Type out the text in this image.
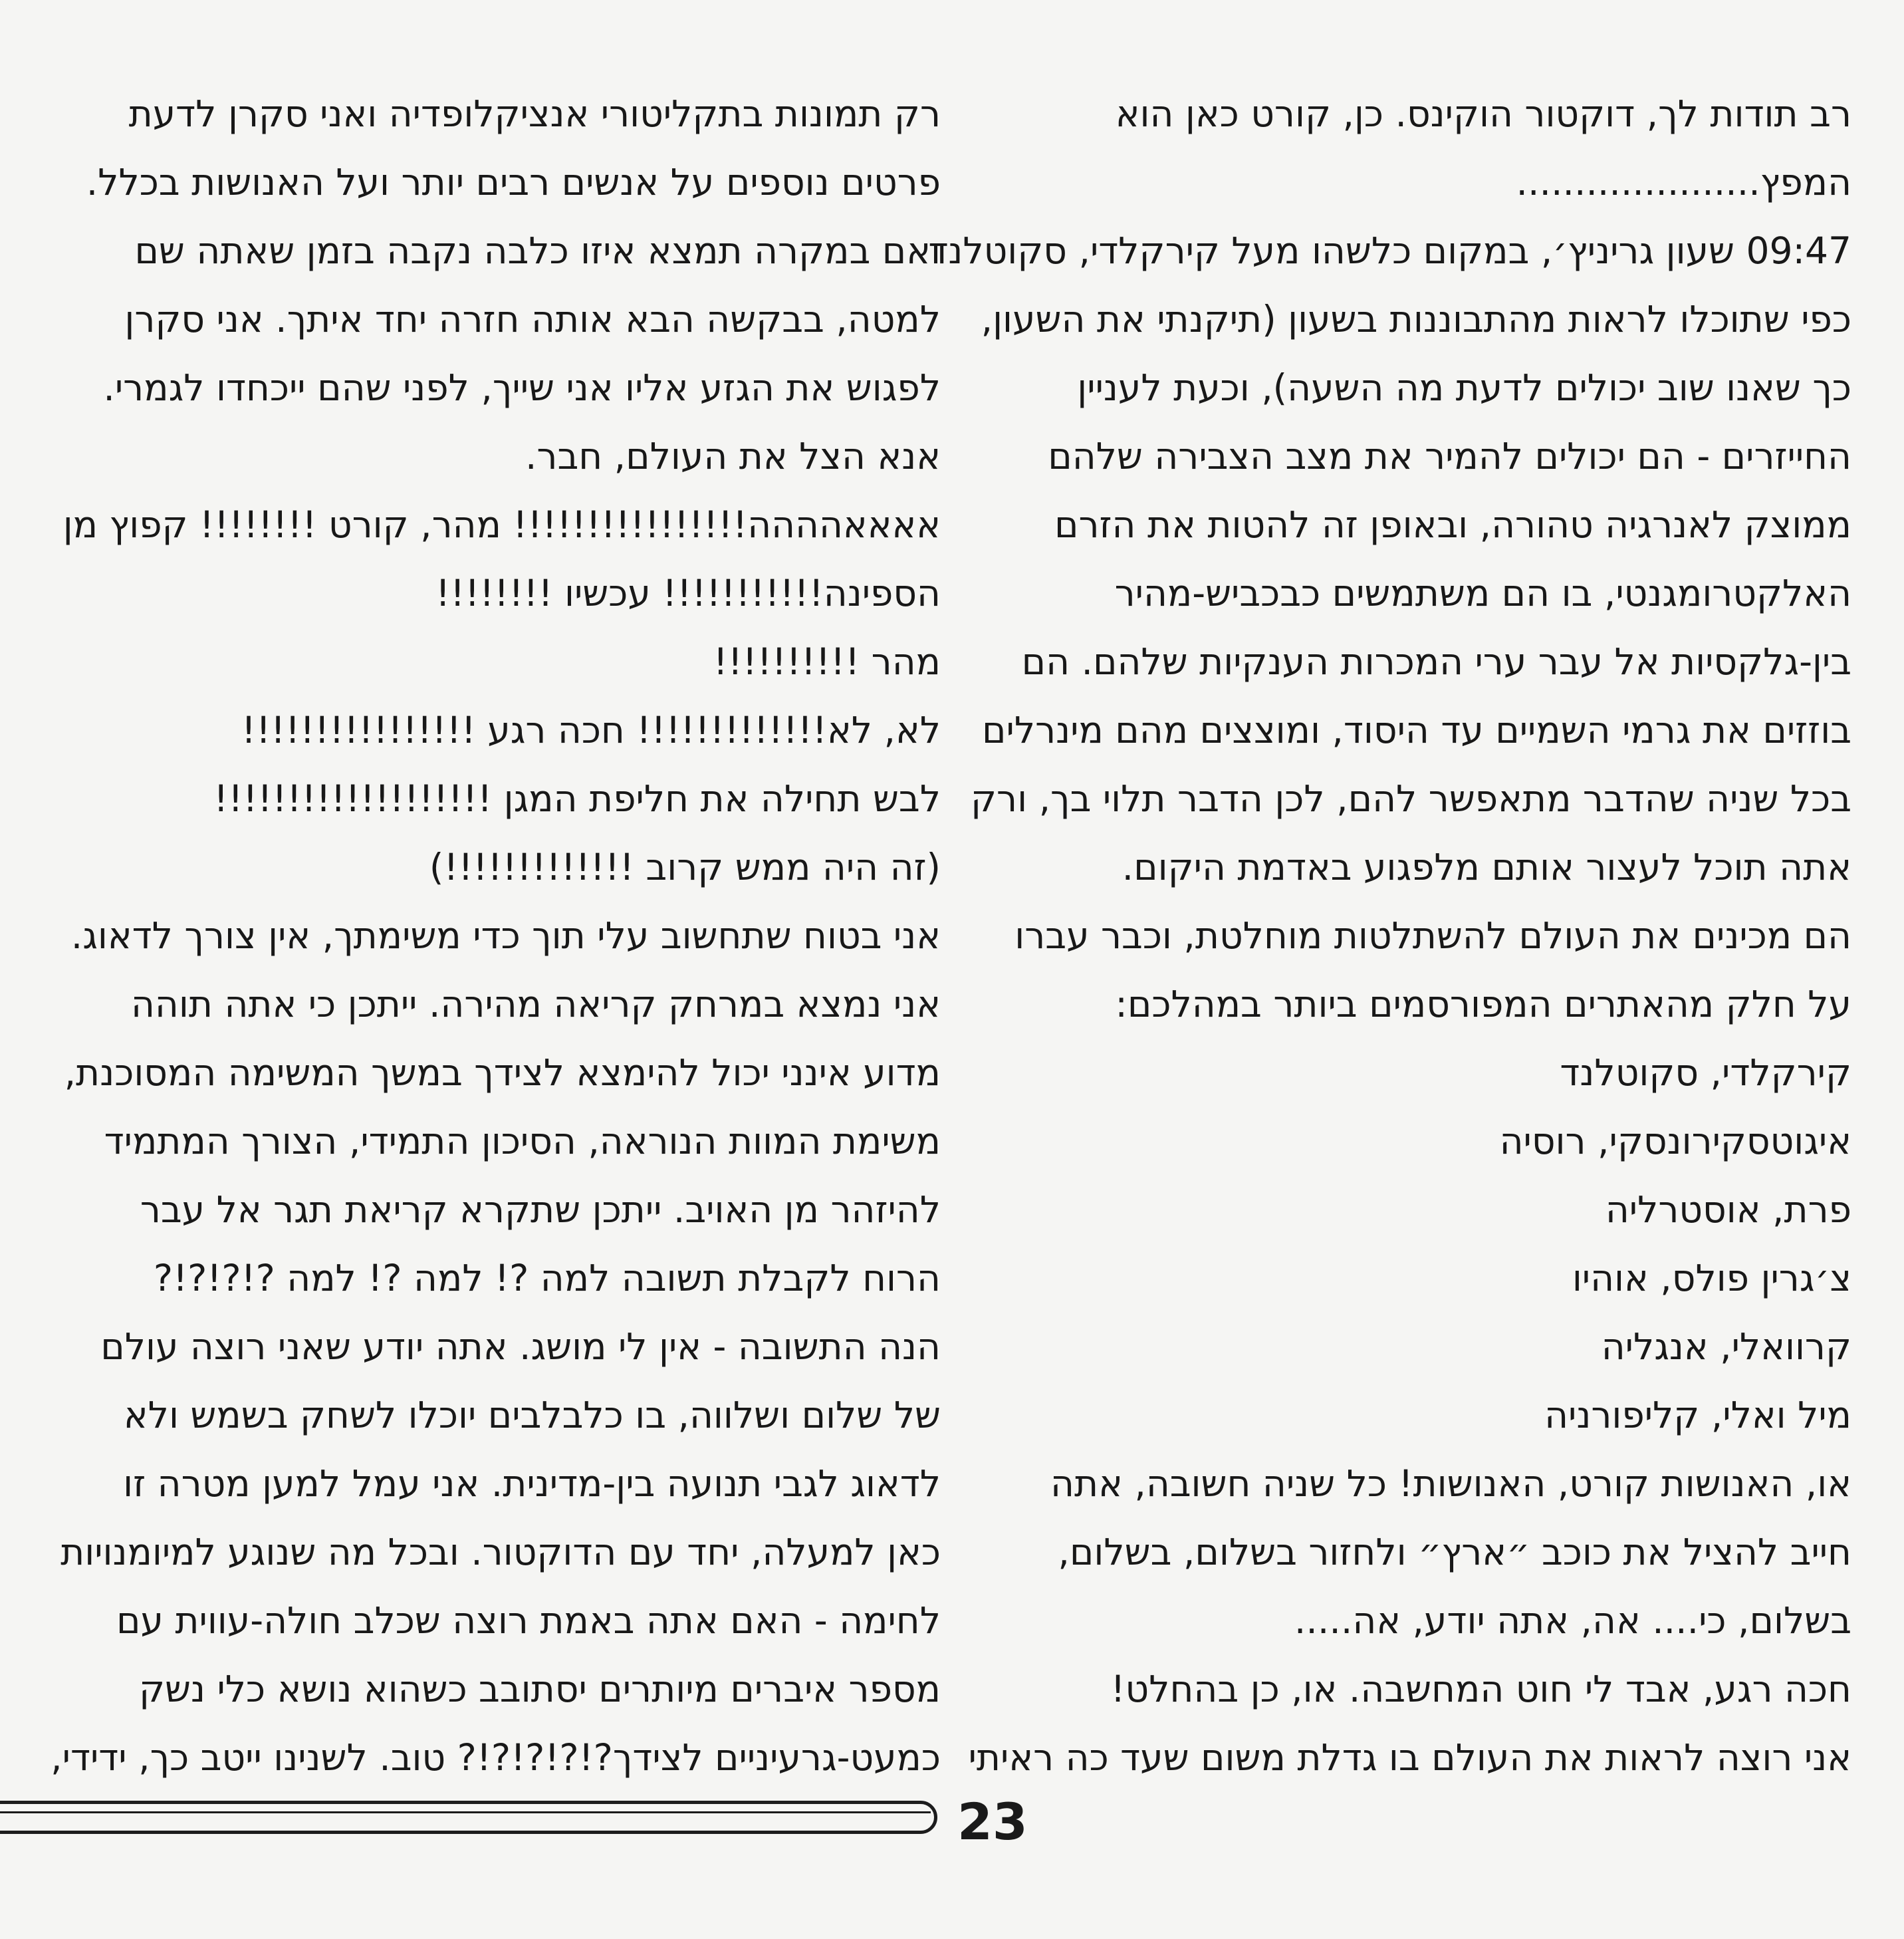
רב תודות לך, דוקטור הוקינס. כן, קורט כאן הוא
המפץ.....................
09:47 שעון גריניץ׳, במקום כלשהו מעל קירקלדי, סקוטלנד
כפי שתוכלו לראות מהתבוננות בשעון (תיקנתי את השעון,
כך שאנו שוב יכולים לדעת מה השעה), וכעת לעניין
החייזרים - הם יכולים להמיר את מצב הצבירה שלהם
ממוצק לאנרגיה טהורה, ובאופן זה להטות את הזרם
האלקטרומגנטי, בו הם משתמשים כבכביש-מהיר
בין-גלקסיות אל עבר ערי המכרות הענקיות שלהם. הם
בוזזים את גרמי השמיים עד היסוד, ומוצצים מהם מינרלים
בכל שניה שהדבר מתאפשר להם, לכן הדבר תלוי בך, ורק
אתה תוכל לעצור אותם מלפגוע באדמת היקום.
הם מכינים את העולם להשתלטות מוחלטת, וכבר עברו
על חלק מהאתרים המפורסמים ביותר במהלכם:
קירקלדי, סקוטלנד
איגוטסקירונסקי, רוסיה
פרת, אוסטרליה
צ׳גרין פולס, אוהיו
קרוואלי, אנגליה
מיל ואלי, קליפורניה
או, האנושות קורט, האנושות! כל שניה חשובה, אתה
חייב להציל את כוכב ״ארץ״ ולחזור בשלום, בשלום,
בשלום, כי.... אה, אתה יודע, אה.....
חכה רגע, אבד לי חוט המחשבה. או, כן בהחלט!
אני רוצה לראות את העולם בו גדלת משום שעד כה ראיתי
רק תמונות בתקליטורי אנציקלופדיה ואני סקרן לדעת
פרטים נוספים על אנשים רבים יותר ועל האנושות בכלל.
ואם במקרה תמצא איזו כלבה נקבה בזמן שאתה שם
למטה, בבקשה הבא אותה חזרה יחד איתך. אני סקרן
לפגוש את הגזע אליו אני שייך, לפני שהם ייכחדו לגמרי.
אנא הצל את העולם, חבר.
אאאאהההה!!!!!!!!!!!!!!!! מהר, קורט !!!!!!!! קפוץ מן
הספינה!!!!!!!!!!! עכשיו !!!!!!!!
מהר !!!!!!!!!!
לא, לא!!!!!!!!!!!!! חכה רגע !!!!!!!!!!!!!!!!
לבש תחילה את חליפת המגן !!!!!!!!!!!!!!!!!!!
(זה היה ממש קרוב !!!!!!!!!!!!!)
אני בטוח שתחשוב עלי תוך כדי משימתך, אין צורך לדאוג.
אני נמצא במרחק קריאה מהירה. ייתכן כי אתה תוהה
מדוע אינני יכול להימצא לצידך במשך המשימה המסוכנת,
משימת המוות הנוראה, הסיכון התמידי, הצורך המתמיד
להיזהר מן האויב. ייתכן שתקרא קריאת תגר אל עבר
הרוח לקבלת תשובה למה ?! למה ?! למה ?!?!?!?
הנה התשובה - אין לי מושג. אתה יודע שאני רוצה עולם
של שלום ושלווה, בו כלבלבים יוכלו לשחק בשמש ולא
לדאוג לגבי תנועה בין-מדינית. אני עמל למען מטרה זו
כאן למעלה, יחד עם הדוקטור. ובכל מה שנוגע למיומנויות
לחימה - האם אתה באמת רוצה שכלב חולה-עווית עם
מספר איברים מיותרים יסתובב כשהוא נושא כלי נשק
כמעט-גרעיניים לצידך?!?!?!?!? טוב. לשנינו ייטב כך, ידידי,
23
